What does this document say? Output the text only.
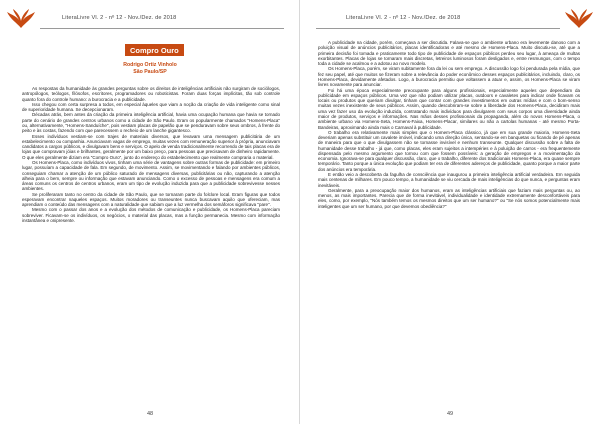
LiteraLivre Vl. 2 - nº 12 - Nov./Dez. de 2018
Compro Ouro
Rodrigo Ortiz Vinholo
São Paulo/SP

As respostas da humanidade às grandes perguntas sobre os direitos de inteligências artificiais não surgiram de sociólogos, antropólogos, teólogos, filósofos, escritores, programadores ou roboticistas. Foram duas forças implícitas, tão sob controle quanto fora do controle humano: a burocracia e a publicidade.

Isso chegou com certa surpresa a todos, em especial àqueles que viam a noção da criação de vida inteligente como sinal de superioridade humana. Se decepcionaram.

Décadas atrás, bem antes da criação da primeira inteligência artificial, havia uma ocupação humana que havia se tornado parte do cenário de grandes centros urbanos como a cidade de São Paulo. Eram os popularmente chamados "Homens-Placa" ou, alternativamente, "Homens-Sanduíche", pois vestiam placas de papelão que se penduravam sobre seus ombros, à frente do peito e às costas, fazendo com que parecessem o recheio de um lanche gigantesco.

Esses indivíduos vestiam-se com trajes de materiais diversos, que levavam uma mensagem publicitária de um estabelecimento ou companhia. Anunciavam vagas de emprego, muitas vezes com remuneração superior à própria, anunciavam candidatos a cargos públicos, e divulgavam bens e serviços. O apelo de venda tradicionalmente recorrendo de tais placas era de lojas que compravam jóias e brilhantes, geralmente por um baixo preço, para pessoas que precisavam de dinheiro rapidamente. O que eles geralmente diziam era "Compro Ouro", junto do endereço do estabelecimento que realmente compraria o material.

Os Homens-Placa, como indivíduos vivos, tinham uma série de vantagens sobre outras formas de publicidade: em primeiro lugar, possuíam a capacidade de fala. Em segundo, de movimento. Assim, se movimentando e falando por ambientes públicos, conseguiam chamar a atenção de um público saturado de mensagens diversas, publicitárias ou não, capturando a atenção alheia para o bem, sempre ou informação que estavam anunciando. Como o excesso de pessoas e mensagens era comum a áreas comuns os centros de centros urbanos, eram um tipo de evolução induzida para que a publicidade sobrevivesse nesses ambientes.

Se proliferaram tanto no centro da cidade de São Paulo, que se tornaram parte do folclore local. Eram figuras que todos esperavam encontrar naqueles espaços. Muitos moradores ou transeuntes nunca buscavam aquilo que ofereciam, mas aprendiam o conteúdo das mensagens com a naturalidade que sabiam que a luz vermelha dos semáforos significava "pare".

Mesmo com o passar dos anos e a evolução dos métodos de comunicação e publicidade, os Homens-Placa pareciam sobreviver. Ficavam-se os indivíduos, os negócios, o material das placas, mas a função permanecia. Mesmo com informação instantânea e onipresente.

48
LiteraLivre Vl. 2 - nº 12 - Nov./Dez. de 2018

A publicidade na cidade, porém, começava a ser discutida. Falava-se que o ambiente urbano era levemente danoso com a poluição visual de anúncios publicitários, placas identificadoras e até mesmo de Homens-Placa. Muito discutiu-se, até que a primeira decisão foi tomada e praticamente todo tipo de publicidade de espaços públicos perdeu seu lugar, à ameaça de multas exorbitantes. Placas de lojas se tornaram mais discretas, letreiros luminosos foram desligados e, entre resmungos, com o tempo toda a cidade se acalmou e a adotou ao novo modelo.

Os Homens-Placa, porém, se viram subitamente fora da lei ou sem emprego. A discussão logo foi pendurada pela mídia, que fez seu papel, até que muitos se fizeram sobre a relevância do poder econômico desses espaços publicitários, incluindo, claro, os Homens-Placa, devidamente afetados. Logo, a burocracia permitiu que voltassem a atuar e, assim, os Homens-Placa se viram livres novamente para anunciar.

Foi há uma época especialmente preocupante para alguns profissionais, especialmente aqueles que dependiam da publicidade em espaços públicos. Uma vez que não podiam utilizar placas, outdoors e cavaletes para indicar onde ficavam os locais ou produtos que queriam divulgar, tinham que contar com grandes investimentos em outras mídias e com o bom-senso muitas vezes inexistente de seus públicos. Assim, quando descobriram-se sobre a liberdade dos Homens-Placa, decidiram mais uma vez fazer uso da evolução induzida, contratando mais indivíduos para divulgarem com seus corpos uma diversidade ainda maior de produtos, serviços e informações. Nas mãos desses profissionais da propaganda, além do novos Homens-Placa, o ambiente urbano via Homens-Seta, Homens-Faixa, Homens-Placar, similares ou não a cartolas humanas - até mesmo Porta-Bandeiras, aproximando ainda mais o Carnaval à publicidade.

O trabalho era relativamente mais simples que o Homem-Placa clássico, já que em sua grande maioria, Homens-Seta deveriam apenas substituir um cavalete imóvel, indicando uma direção única, sentando-se em banquetas ou ficando de pé apenas de maneira para que o que divulgassem não se tornasse invisível e nenhum transeunte. Qualquer discussão sobre a falta de humanidade desse trabalho - já que, como placas, eles eram sujeitos a intempéries e à poluição de carros - era frequentemente dispensada pelo mesmo argumento que tornou com que fossem possíveis: a geração de empregos e a movimentação da economia. Ignorava-se para qualquer discussão, claro, que o trabalho, diferente dos tradicionais Homens-Placa, era quase sempre temporário. Tanto porque a única evolução que podiam ter era de diferentes adereços de publicidade, quanto porque a maior parte dos anúncios era temporária.

E então veio a descoberta da fagulha de consciência que inaugurou a primeira inteligência artificial verdadeira. Em seguida mais centenas de milhares. Em pouco tempo, a humanidade se viu cercada de mais inteligências do que nunca, e perguntas eram inevitáveis.

Geralmente, para a preocupação maior dos humanos, eram as inteligências artificiais que faziam mais perguntas ou, ao menos, as mais importantes. Parecia que de forma inevitável, individualidade e identidade extremamente desconfortáveis para eles, como, por exemplo, "Nós também temos os mesmos direitos que um ser humano?" ou "Se nós somos potencialmente mais inteligentes que um ser humano, por que devemos obediência?"

49
